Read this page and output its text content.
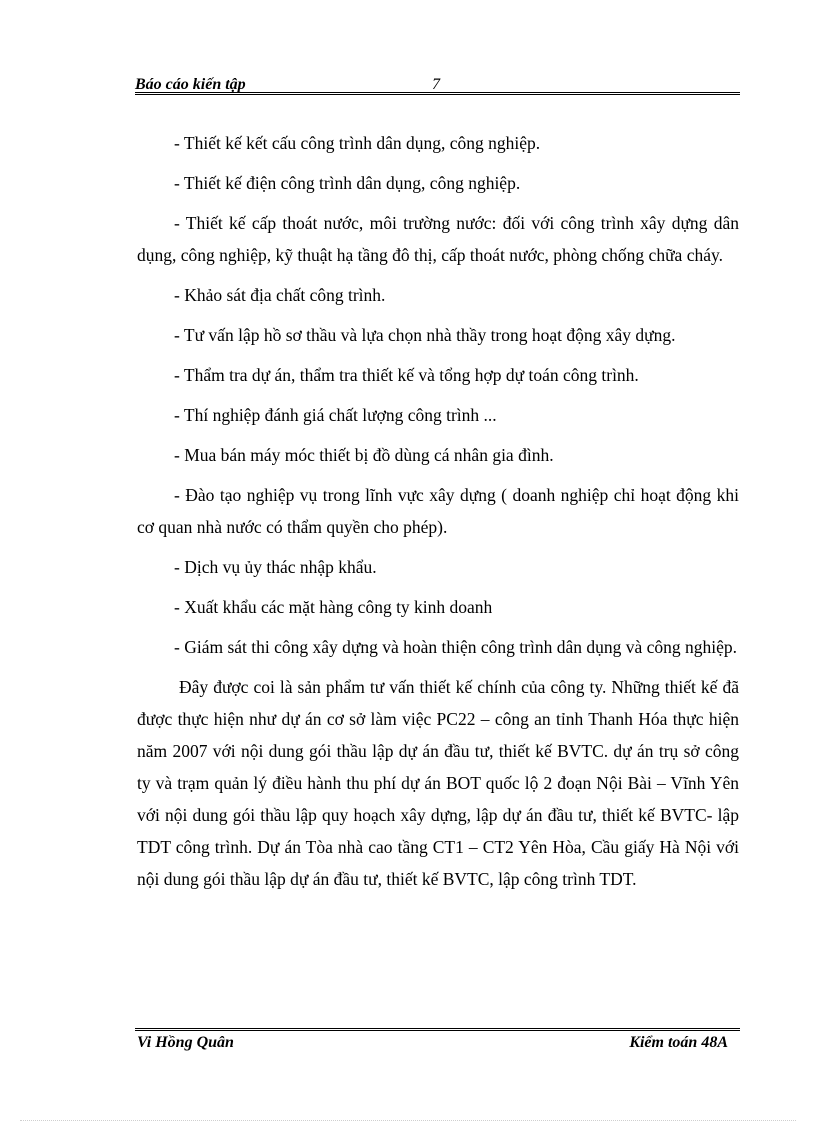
Báo cáo kiến tập	7

- Thiết kế kết cấu công trình dân dụng, công nghiệp.

- Thiết kế điện công trình dân dụng, công nghiệp.

- Thiết kế cấp thoát nước, môi trường nước: đối với công trình xây dựng dân dụng, công nghiệp, kỹ thuật hạ tầng đô thị, cấp thoát nước, phòng chống chữa cháy.

- Khảo sát địa chất công trình.

- Tư vấn lập hồ sơ thầu và lựa chọn nhà thầy trong hoạt động xây dựng.

- Thẩm tra dự án, thẩm tra thiết kế và tổng hợp dự toán công trình.

- Thí nghiệp đánh giá chất lượng công trình ...

- Mua bán máy móc thiết bị đồ dùng cá nhân gia đình.

- Đào tạo nghiệp vụ trong lĩnh vực xây dựng ( doanh nghiệp chỉ hoạt động khi cơ quan nhà nước có thẩm quyền cho phép).

- Dịch vụ ủy thác nhập khẩu.

- Xuất khẩu các mặt hàng công ty kinh doanh

- Giám sát thi công xây dựng và hoàn thiện công trình dân dụng và công nghiệp.

Đây được coi là sản phẩm tư vấn thiết kế chính của công ty. Những thiết kế đã được thực hiện như dự án cơ sở làm việc PC22 – công an tỉnh Thanh Hóa thực hiện năm 2007 với nội dung gói thầu lập dự án đầu tư, thiết kế BVTC. dự án trụ sở công ty và trạm quản lý điều hành thu phí dự án BOT quốc lộ 2 đoạn Nội Bài – Vĩnh Yên với nội dung gói thầu lập quy hoạch xây dựng, lập dự án đầu tư, thiết kế BVTC- lập TDT công trình. Dự án Tòa nhà cao tầng CT1 – CT2 Yên Hòa, Cầu giấy Hà Nội với nội dung gói thầu lập dự án đầu tư, thiết kế BVTC, lập công trình TDT.

Vi Hồng Quân	Kiểm toán 48A
